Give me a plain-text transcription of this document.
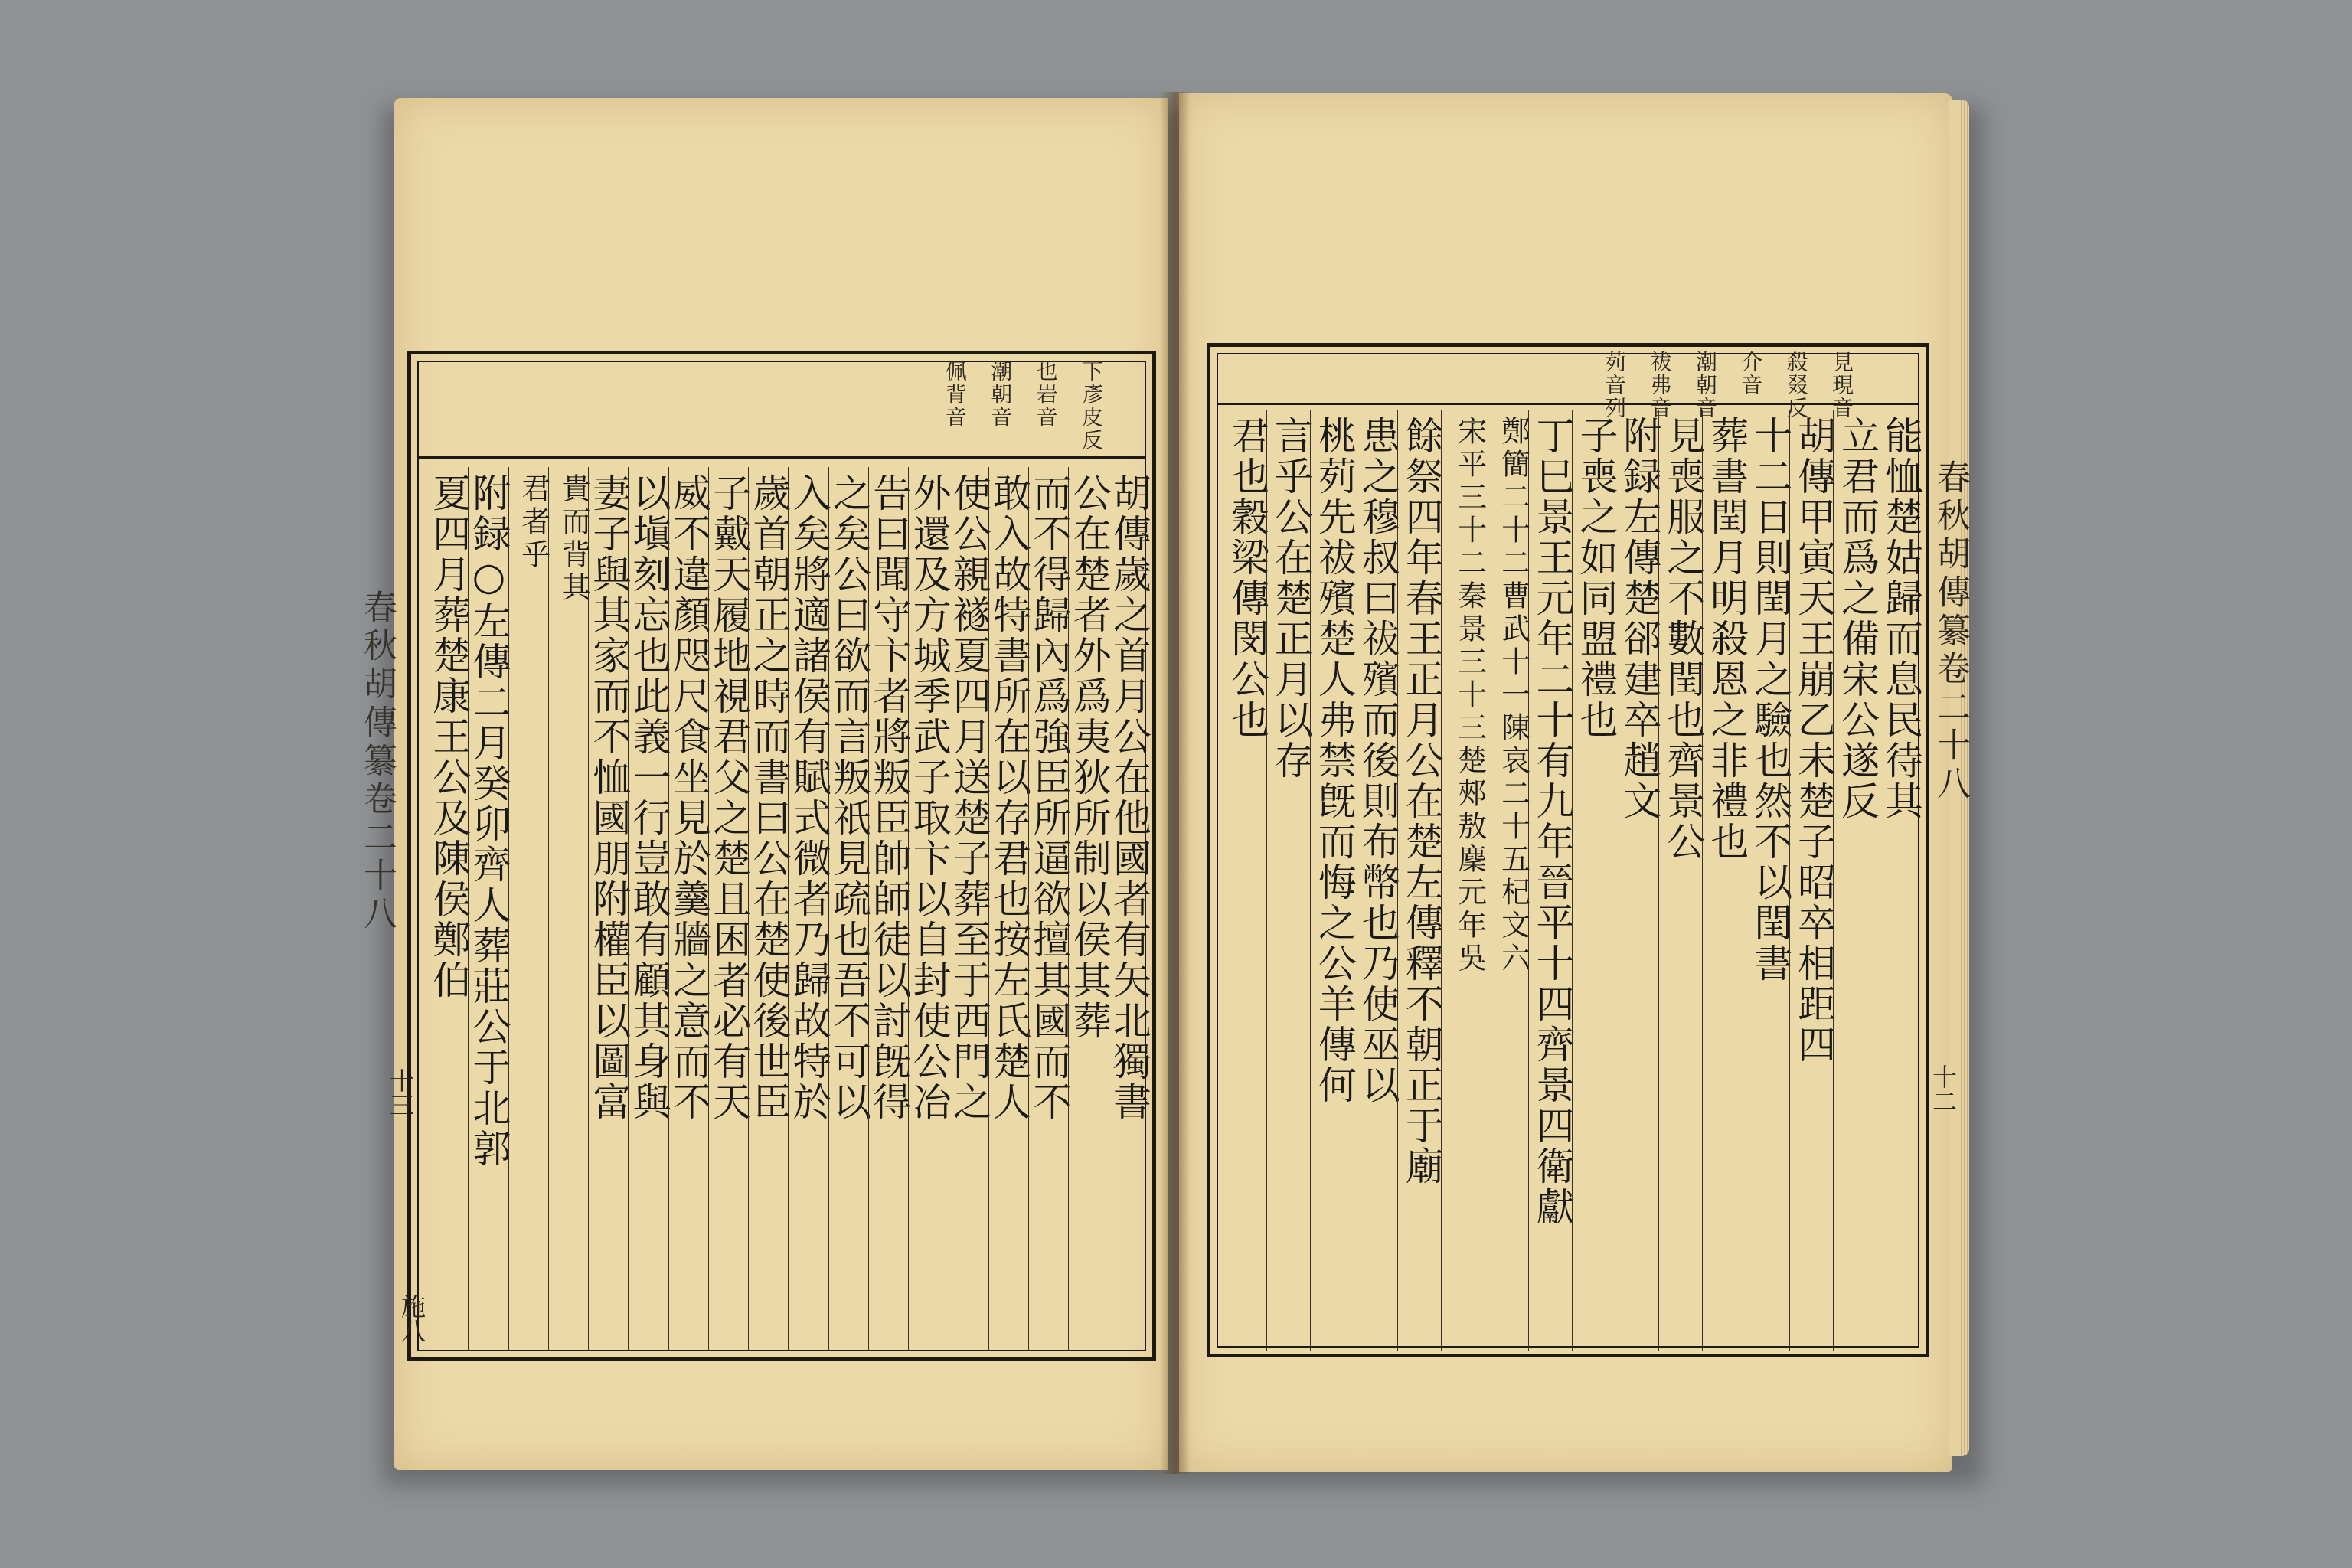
下彥皮反
也岩音
潮朝音
佩背音	見現音
殺叕反
介音
潮朝音
祓弗音
茢音列
胡傳歲之首月公在他國者有矢北獨書
公在楚者外爲夷狄所制以侯其葬
而不得歸內爲強臣所逼欲擅其國而不
敢入故特書所在以存君也按左氏楚人
使公親襚夏四月送楚子葬至于西門之
外還及方城季武子取卞以自封使公冶
告曰聞守卞者將叛臣帥師徒以討旣得
之矣公曰欲而言叛祇見疏也吾不可以
入矣將適諸侯有賦式微者乃歸故特於
歲首朝正之時而書曰公在楚使後世臣
子戴天履地視君父之楚且困者必有天
威不違顏咫尺食坐見於羹牆之意而不
以塡刻忘也此義一行豈敢有顧其身與
妻子與其家而不恤國朋附權臣以圖富
貴而背其
君者乎
附録○左傳二月癸卯齊人葬莊公于北郭
夏四月葬楚康王公及陳侯鄭伯	能恤楚姑歸而息民待其
立君而爲之備宋公遂反
胡傳甲寅天王崩乙未楚子昭卒相距四
十二日則閏月之驗也然不以閏書
葬書閏月明殺恩之非禮也
見喪服之不數閏也齊景公
附録左傳楚郤建卒趙文
子喪之如同盟禮也
丁巳景王元年二十有九年晉平十四齊景四衛獻
鄭簡二十二曹武十一陳哀二十五杞文六
宋平三十二秦景三十三楚郟敖麇元年吳
餘祭四年春王正月公在楚左傳釋不朝正于廟
患之穆叔曰祓殯而後則布幣也乃使巫以
桃茢先祓殯楚人弗禁旣而悔之公羊傳何
言乎公在楚正月以存
君也穀梁傳閔公也
春秋胡傳纂卷二十八
十三
施八
春秋胡傳纂卷二十八
十二
